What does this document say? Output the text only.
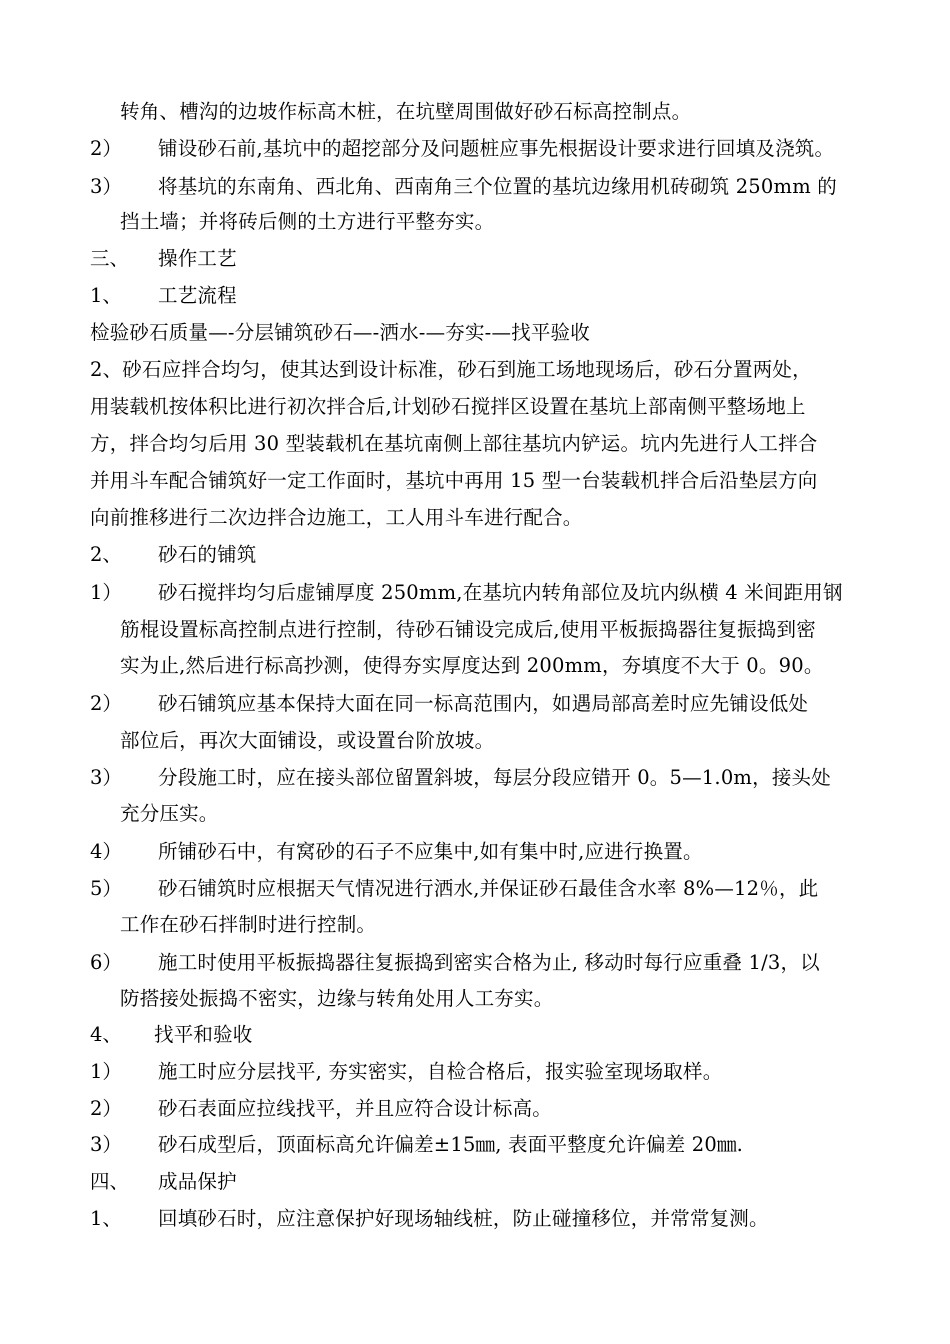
转角、槽沟的边坡作标高木桩，在坑壁周围做好砂石标高控制点。
2） 铺设砂石前,基坑中的超挖部分及问题桩应事先根据设计要求进行回填及浇筑。
3） 将基坑的东南角、西北角、西南角三个位置的基坑边缘用机砖砌筑 250mm 的
挡土墙；并将砖后侧的土方进行平整夯实。
三、 操作工艺
1、 工艺流程
检验砂石质量—-分层铺筑砂石—-洒水-—夯实-—找平验收
2、砂石应拌合均匀，使其达到设计标准，砂石到施工场地现场后，砂石分置两处，
用装载机按体积比进行初次拌合后,计划砂石搅拌区设置在基坑上部南侧平整场地上
方，拌合均匀后用 30 型装载机在基坑南侧上部往基坑内铲运。坑内先进行人工拌合
并用斗车配合铺筑好一定工作面时，基坑中再用 15 型一台装载机拌合后沿垫层方向
向前推移进行二次边拌合边施工，工人用斗车进行配合。
2、 砂石的铺筑
1） 砂石搅拌均匀后虚铺厚度 250mm,在基坑内转角部位及坑内纵横 4 米间距用钢
筋棍设置标高控制点进行控制，待砂石铺设完成后,使用平板振捣器往复振捣到密
实为止,然后进行标高抄测，使得夯实厚度达到 200mm，夯填度不大于 0。90。
2） 砂石铺筑应基本保持大面在同一标高范围内，如遇局部高差时应先铺设低处
部位后，再次大面铺设，或设置台阶放坡。
3） 分段施工时，应在接头部位留置斜坡，每层分段应错开 0。5—1.0m，接头处
充分压实。
4） 所铺砂石中，有窝砂的石子不应集中,如有集中时,应进行换置。
5） 砂石铺筑时应根据天气情况进行洒水,并保证砂石最佳含水率 8%—12％，此
工作在砂石拌制时进行控制。
6） 施工时使用平板振捣器往复振捣到密实合格为止, 移动时每行应重叠 1/3，以
防搭接处振捣不密实，边缘与转角处用人工夯实。
4、 找平和验收
1） 施工时应分层找平, 夯实密实，自检合格后，报实验室现场取样。
2） 砂石表面应拉线找平，并且应符合设计标高。
3） 砂石成型后，顶面标高允许偏差±15㎜, 表面平整度允许偏差 20㎜.
四、 成品保护
1、 回填砂石时，应注意保护好现场轴线桩，防止碰撞移位，并常常复测。
